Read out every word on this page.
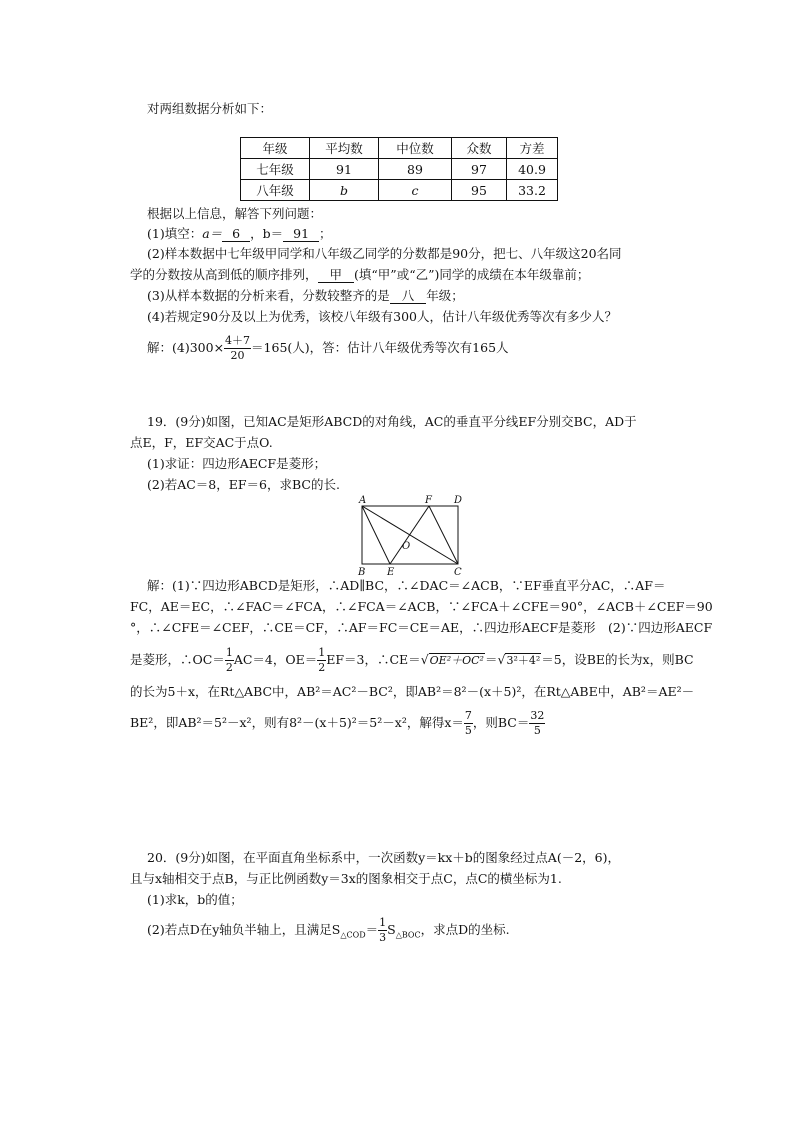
对两组数据分析如下：
年级	平均数	中位数	众数	方差
七年级	91	89	97	40.9
八年级	b	c	95	33.2
根据以上信息，解答下列问题：
(1)填空：a＝ 6 ，b＝ 91 ；
(2)样本数据中七年级甲同学和八年级乙同学的分数都是90分，把七、八年级这20名同
学的分数按从高到低的顺序排列， 甲 (填“甲”或“乙”)同学的成绩在本年级靠前；
(3)从样本数据的分析来看，分数较整齐的是 八 年级；
(4)若规定90分及以上为优秀，该校八年级有300人，估计八年级优秀等次有多少人？
解：$(4)300\times \frac{4+7}{20} =165$(人)，答：估计八年级优秀等次有165人
19．(9分)如图，已知AC是矩形ABCD的对角线，AC的垂直平分线EF分别交BC，AD于
点E，F，EF交AC于点O.
(1)求证：四边形AECF是菱形；
(2)若AC＝8，EF＝6，求BC的长.
A	F D
O
B E	C
解：(1)∵四边形ABCD是矩形，∴AD∥BC，∴∠DAC＝∠ACB，∵EF垂直平分AC，∴AF＝
FC，AE＝EC，∴∠FAC＝∠FCA，∴∠FCA＝∠ACB，∵∠FCA＋∠CFE＝90°，∠ACB＋∠CEF＝90
°，∴∠CFE＝∠CEF，∴CE＝CF，∴AF＝FC＝CE＝AE，∴四边形AECF是菱形　(2)∵四边形AECF
是菱形，∴OC＝ $\frac{1}{2} AC=4$，$OE= \frac{1}{2} EF=3$，∴CE＝√OE²＋OC²＝√3²＋4²＝5，设BE的长为x，则BC
的长为5＋x，在Rt△ABC中，AB²＝AC²－BC²，即AB²＝8²－(x＋5)²，在Rt△ABE中，AB²＝AE²－
BE²，即AB²＝5²－x²，则有8²－(x＋5)²＝5²－x²，解得$x= \frac{7}{5}$ ，则$BC= \frac{32}{5}$
20．(9分)如图，在平面直角坐标系中，一次函数y＝kx＋b的图象经过点A(－2，6)，
且与x轴相交于点B，与正比例函数y＝3x的图象相交于点C，点C的横坐标为1.
(1)求k，b的值；
(2)若点D在y轴负半轴上，且满足$S_{\triangle COD}= \frac{1}{3} S_{\triangle BOC}$，求点D的坐标.
